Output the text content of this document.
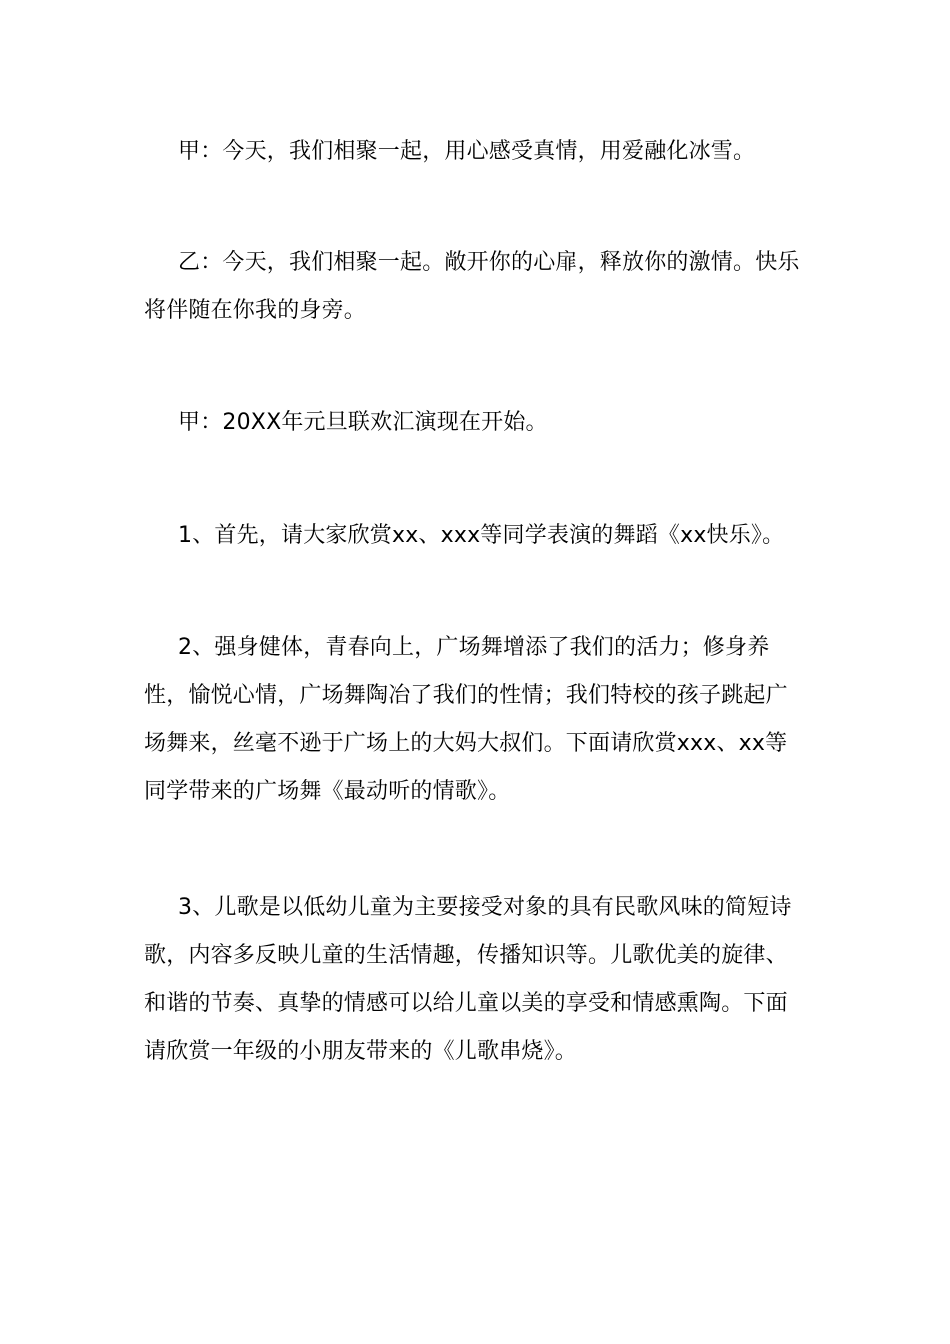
甲：今天，我们相聚一起，用心感受真情，用爱融化冰雪。

乙：今天，我们相聚一起。敞开你的心扉，释放你的激情。快乐将伴随在你我的身旁。

甲：20XX年元旦联欢汇演现在开始。

1、首先，请大家欣赏xx、xxx等同学表演的舞蹈《xx快乐》。

2、强身健体，青春向上，广场舞增添了我们的活力；修身养性，愉悦心情，广场舞陶冶了我们的性情；我们特校的孩子跳起广场舞来，丝毫不逊于广场上的大妈大叔们。下面请欣赏xxx、xx等同学带来的广场舞《最动听的情歌》。

3、儿歌是以低幼儿童为主要接受对象的具有民歌风味的简短诗歌，内容多反映儿童的生活情趣，传播知识等。儿歌优美的旋律、和谐的节奏、真挚的情感可以给儿童以美的享受和情感熏陶。下面请欣赏一年级的小朋友带来的《儿歌串烧》。
